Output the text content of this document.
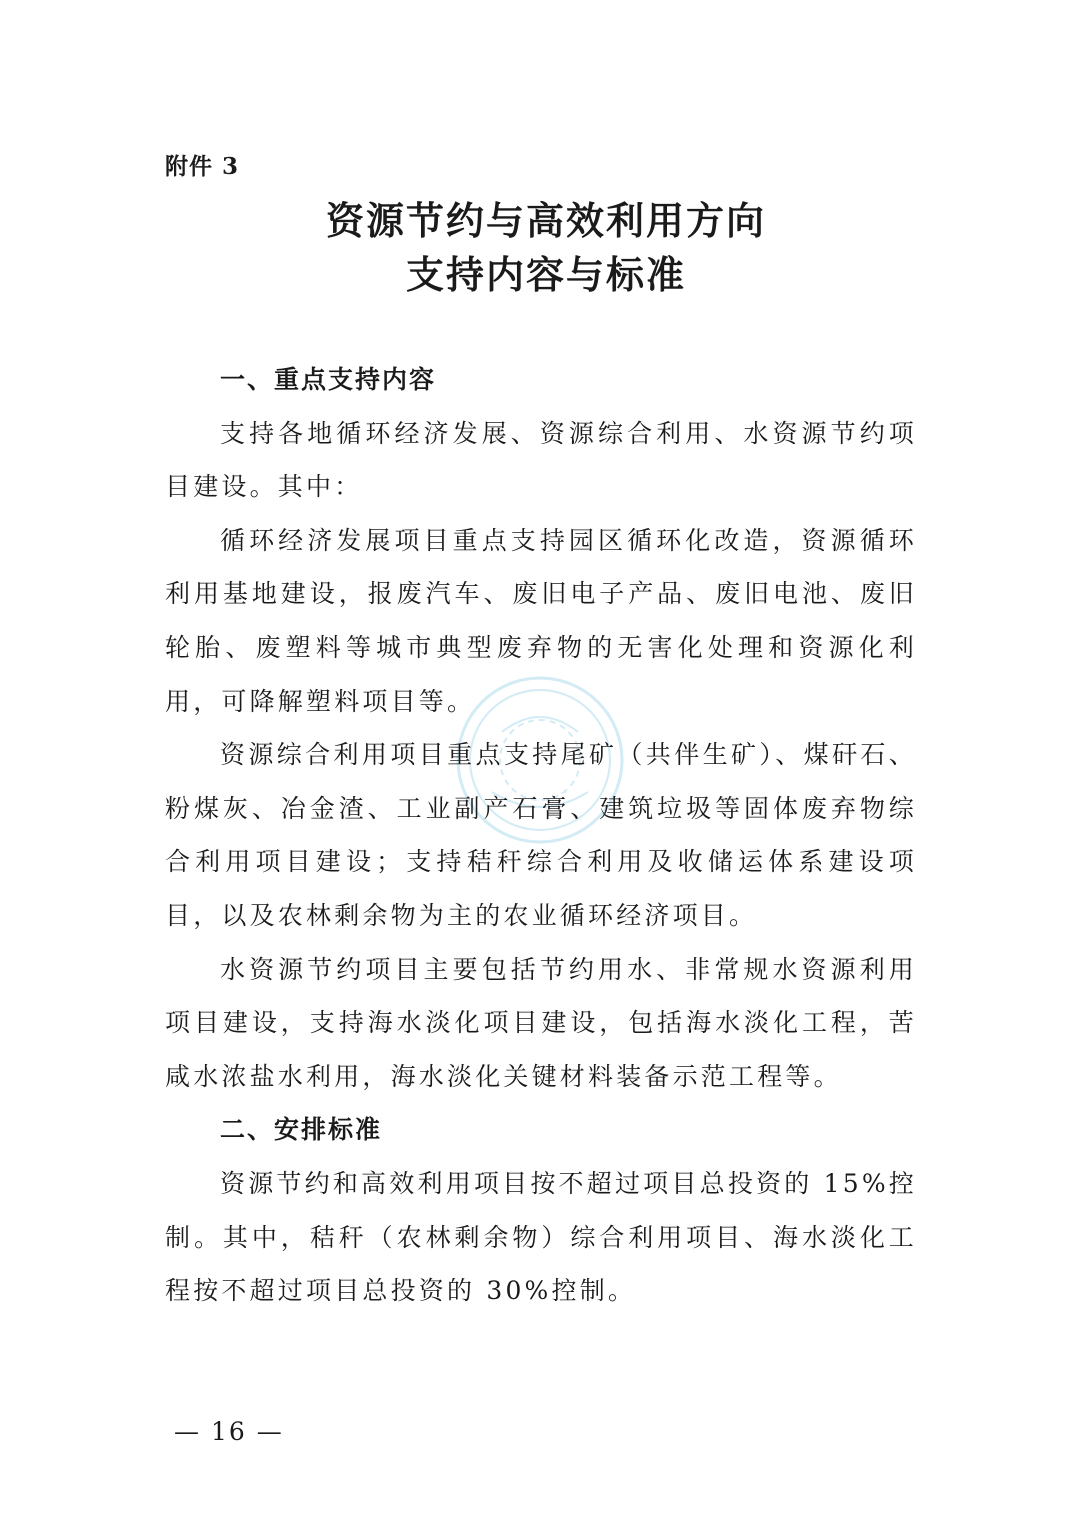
附件 3
资源节约与高效利用方向
支持内容与标准
一、重点支持内容

支持各地循环经济发展、资源综合利用、水资源节约项目建设。其中：

循环经济发展项目重点支持园区循环化改造，资源循环利用基地建设，报废汽车、废旧电子产品、废旧电池、废旧轮胎、废塑料等城市典型废弃物的无害化处理和资源化利用，可降解塑料项目等。

资源综合利用项目重点支持尾矿（共伴生矿）、煤矸石、粉煤灰、冶金渣、工业副产石膏、建筑垃圾等固体废弃物综合利用项目建设；支持秸秆综合利用及收储运体系建设项目，以及农林剩余物为主的农业循环经济项目。

水资源节约项目主要包括节约用水、非常规水资源利用项目建设，支持海水淡化项目建设，包括海水淡化工程，苦咸水浓盐水利用，海水淡化关键材料装备示范工程等。

二、安排标准

资源节约和高效利用项目按不超过项目总投资的 15%控制。其中，秸秆（农林剩余物）综合利用项目、海水淡化工程按不超过项目总投资的 30%控制。

— 16 —
